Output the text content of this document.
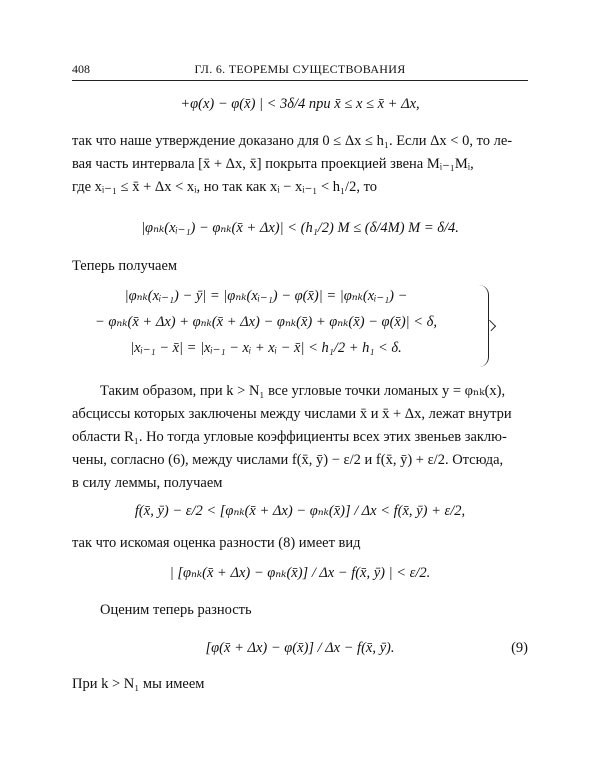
408	ГЛ. 6. ТЕОРЕМЫ СУЩЕСТВОВАНИЯ
+φ(x) − φ(x̄) | < 3δ/4 при x̄ ≤ x ≤ x̄ + Δx,
так что наше утверждение доказано для 0 ≤ Δx ≤ h₁. Если Δx < 0, то ле-
вая часть интервала [x̄ + Δx, x̄] покрыта проекцией звена Mᵢ₋₁Mᵢ,
где xᵢ₋₁ ≤ x̄ + Δx < xᵢ, но так как xᵢ − xᵢ₋₁ < h₁/2, то
|φₙₖ(xᵢ₋₁) − φₙₖ(x̄ + Δx)| < (h₁/2) M ≤ (δ/4M) M = δ/4.
Теперь получаем
|φₙₖ(xᵢ₋₁) − ȳ| = |φₙₖ(xᵢ₋₁) − φ(x̄)| = |φₙₖ(xᵢ₋₁) −
− φₙₖ(x̄ + Δx) + φₙₖ(x̄ + Δx) − φₙₖ(x̄) + φₙₖ(x̄) − φ(x̄)| < δ,
|xᵢ₋₁ − x̄| = |xᵢ₋₁ − xᵢ + xᵢ − x̄| < h₁/2 + h₁ < δ.
Таким образом, при k > N₁ все угловые точки ломаных y = φₙₖ(x),
абсциссы которых заключены между числами x̄ и x̄ + Δx, лежат внутри
области R₁. Но тогда угловые коэффициенты всех этих звеньев заклю-
чены, согласно (6), между числами f(x̄, ȳ) − ε/2 и f(x̄, ȳ) + ε/2. Отсюда,
в силу леммы, получаем
f(x̄, ȳ) − ε/2 < [φₙₖ(x̄ + Δx) − φₙₖ(x̄)] / Δx < f(x̄, ȳ) + ε/2,
так что искомая оценка разности (8) имеет вид
| [φₙₖ(x̄ + Δx) − φₙₖ(x̄)] / Δx − f(x̄, ȳ) | < ε/2.
Оценим теперь разность
[φ(x̄ + Δx) − φ(x̄)] / Δx − f(x̄, ȳ).	(9)
При k > N₁ мы имеем
